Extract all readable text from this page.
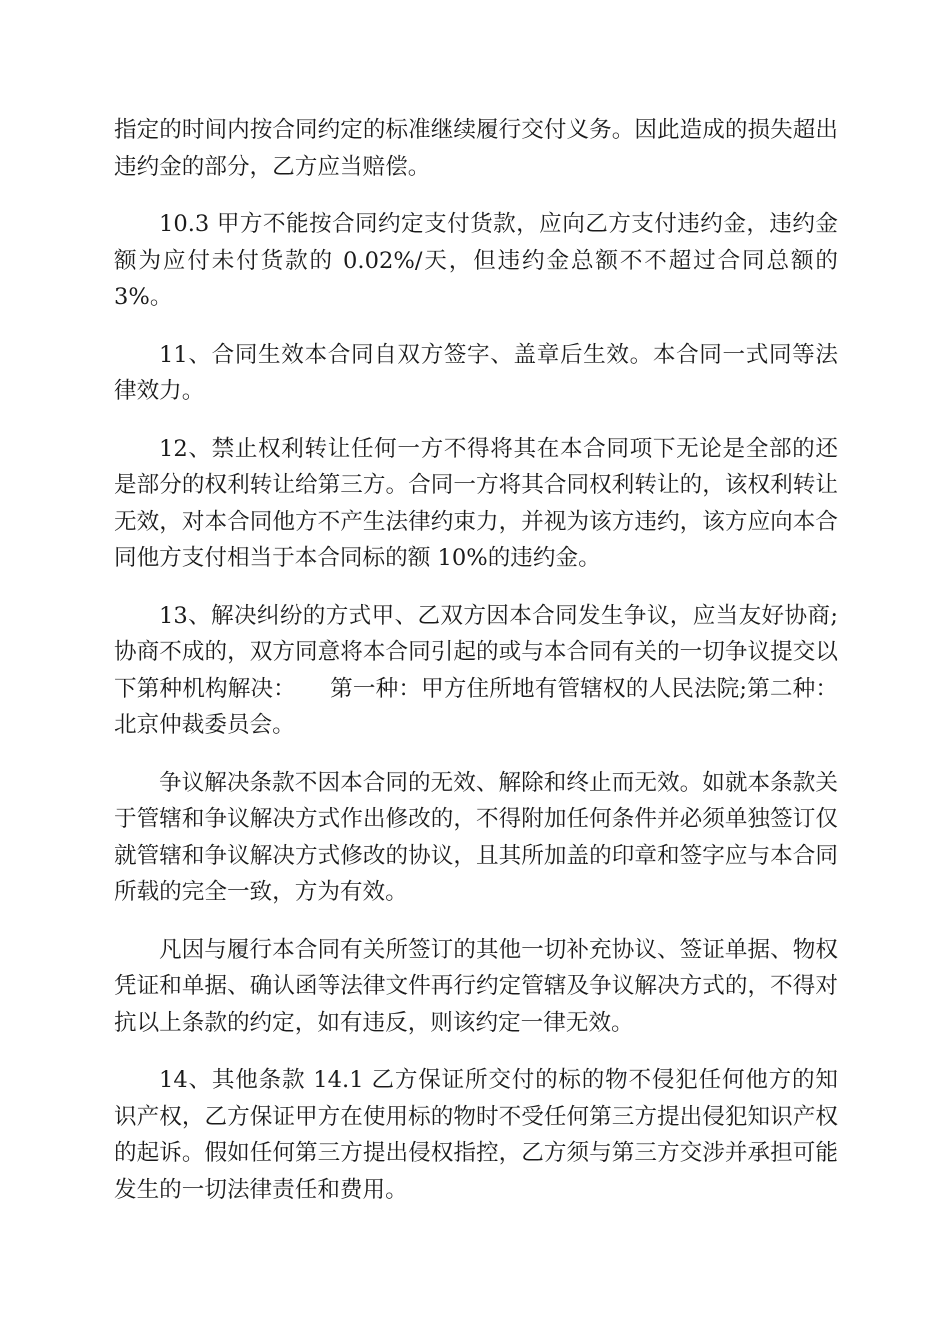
指定的时间内按合同约定的标准继续履行交付义务。因此造成的损失超出违约金的部分，乙方应当赔偿。

10.3 甲方不能按合同约定支付货款，应向乙方支付违约金，违约金额为应付未付货款的 0.02%/天，但违约金总额不不超过合同总额的 3%。

11、合同生效本合同自双方签字、盖章后生效。本合同一式同等法律效力。

12、禁止权利转让任何一方不得将其在本合同项下无论是全部的还是部分的权利转让给第三方。合同一方将其合同权利转让的，该权利转让无效，对本合同他方不产生法律约束力，并视为该方违约，该方应向本合同他方支付相当于本合同标的额 10%的违约金。

13、解决纠纷的方式甲、乙双方因本合同发生争议，应当友好协商;协商不成的，双方同意将本合同引起的或与本合同有关的一切争议提交以下第种机构解决：　　第一种：甲方住所地有管辖权的人民法院;第二种：北京仲裁委员会。

争议解决条款不因本合同的无效、解除和终止而无效。如就本条款关于管辖和争议解决方式作出修改的，不得附加任何条件并必须单独签订仅就管辖和争议解决方式修改的协议，且其所加盖的印章和签字应与本合同所载的完全一致，方为有效。

凡因与履行本合同有关所签订的其他一切补充协议、签证单据、物权凭证和单据、确认函等法律文件再行约定管辖及争议解决方式的，不得对抗以上条款的约定，如有违反，则该约定一律无效。

14、其他条款 14.1 乙方保证所交付的标的物不侵犯任何他方的知识产权，乙方保证甲方在使用标的物时不受任何第三方提出侵犯知识产权的起诉。假如任何第三方提出侵权指控，乙方须与第三方交涉并承担可能发生的一切法律责任和费用。
